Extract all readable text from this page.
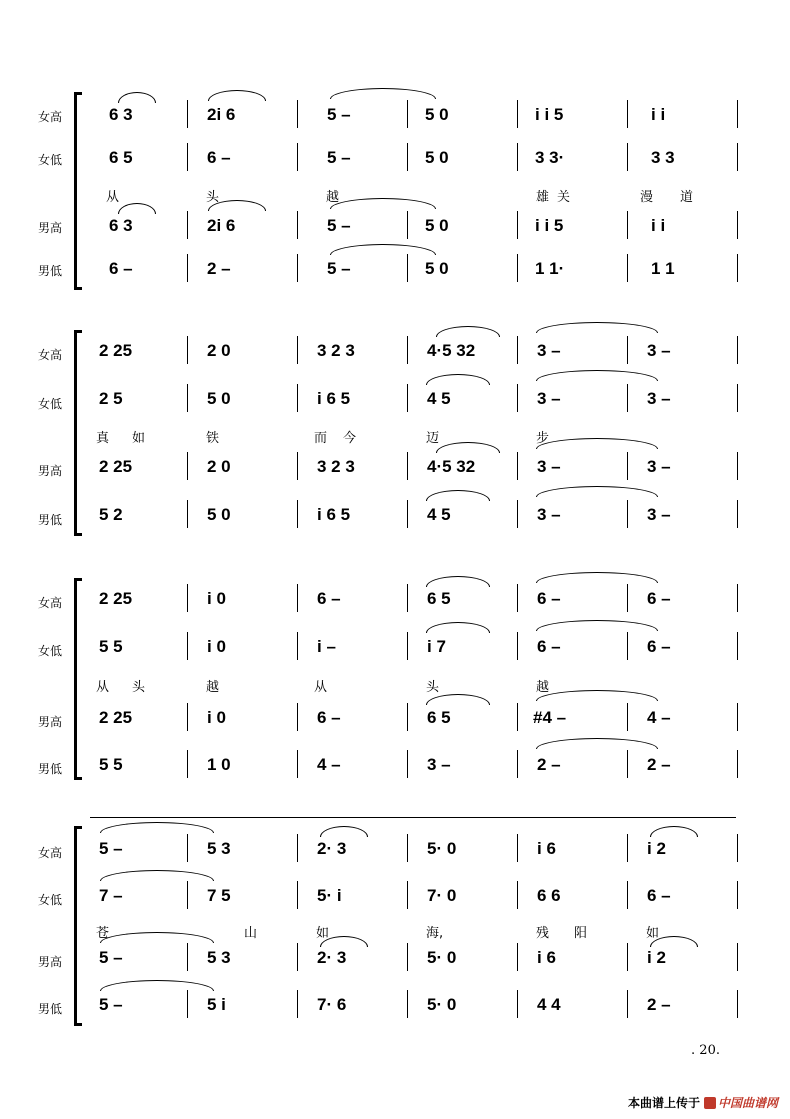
女高
女低
男高
男低
6 3	2i 6	5 –	5 0	i i 5	i i
6 5	6 –	5 –	5 0	3 3·	3 3
从	头	越	雄关	漫 道
6 3	2i 6	5 –	5 0	i i 5	i i
6 –	2 –	5 –	5 0	1 1·	1 1
女高
女低
男高
男低
2 25	2 0	3 2 3	4·5 32	3 –	3 –
2 5	5 0	i 6 5	4 5	3 –	3 –
真 如	铁	而今	迈	步
2 25	2 0	3 2 3	4·5 32	3 –	3 –
5 2	5 0	i 6 5	4 5	3 –	3 –
女高
女低
男高
男低
2 25	i 0	6 –	6 5	6 –	6 –
5 5	i 0	i –	i 7	6 –	6 –
从 头	越	从	头	越
2 25	i 0	6 –	6 5	#4 –	4 –
5 5	1 0	4 –	3 –	2 –	2 –
女高
女低
男高
男低
5 –	5 3	2· 3	5· 0	i 6	i 2
7 –	7 5	5· i	7· 0	6 6	6 –
苍	山	如	海,	残 阳	如
5 –	5 3	2· 3	5· 0	i 6	i 2
5 –	5 i	7· 6	5· 0	4 4	2 –
. 20.
本曲谱上传于 中国曲谱网
